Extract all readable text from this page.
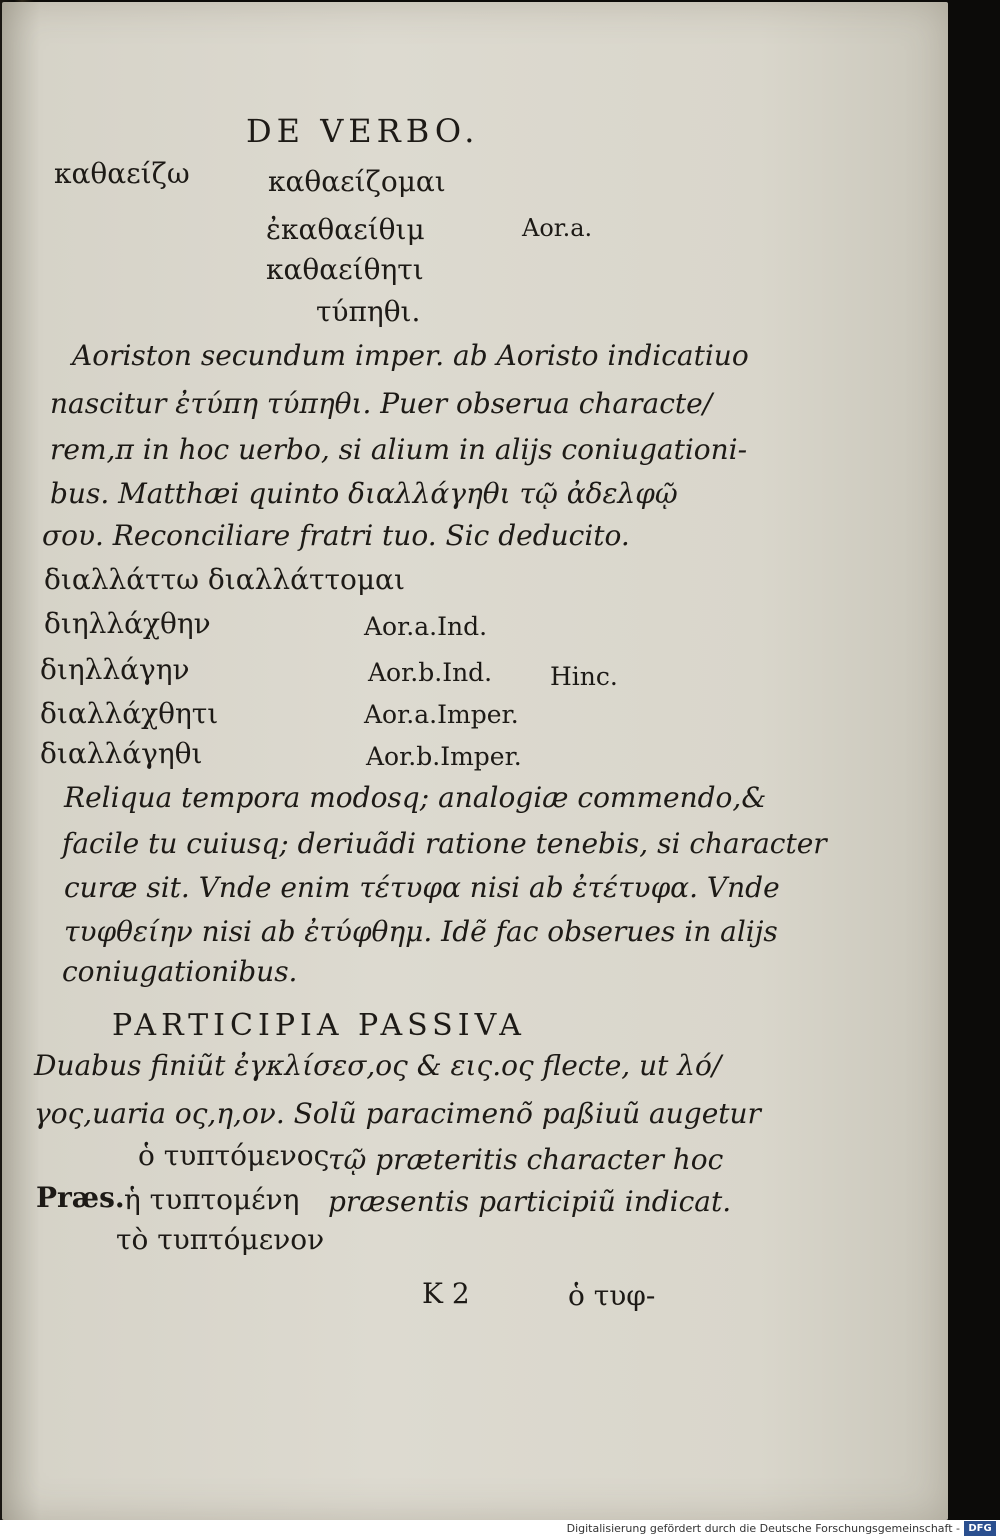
DE VERBO.
καθαείζω	καθαείζομαι
ἐκαθαείθιμ	Aor.a.
καθαείθητι
τύπηθι.
Aoriston secundum imper. ab Aoristo indicatiuo
nascitur ἐτύπη τύπηθι. Puer obserua characte/
rem,π in hoc uerbo, si alium in alijs coniugationi-
bus. Matthæi quinto διαλλάγηθι τῷ ἀδελφῷ
σου. Reconciliare fratri tuo. Sic deducito.
διαλλάττω διαλλάττομαι
διηλλάχθην	Aor.a.Ind.
διηλλάγην	Aor.b.Ind. Hinc.
διαλλάχθητι	Aor.a.Imper.
διαλλάγηθι	Aor.b.Imper.
Reliqua tempora modosq; analogiæ commendo,&
facile tu cuiusq; deriuãdi ratione tenebis, si character
curæ sit. Vnde enim τέτυφα nisi ab ἐτέτυφα. Vnde
τυφθείην nisi ab ἐτύφθημ. Idẽ fac obserues in alijs
coniugationibus.
PARTICIPIA PASSIVA
Duabus finiũt ἐγκλίσεσ,ος & εις.ος flecte, ut λό/
γος,uaria ος,η,ον. Solũ paracimenõ paßiuũ augetur
ὁ τυπτόμενος
τῷ præteritis character hoc
Præs. ἡ τυπτομένη præsentis participiũ indicat.
τὸ τυπτόμενον
K 2	ὁ τυφ-
Digitalisierung gefördert durch die Deutsche Forschungsgemeinschaft - DFG
